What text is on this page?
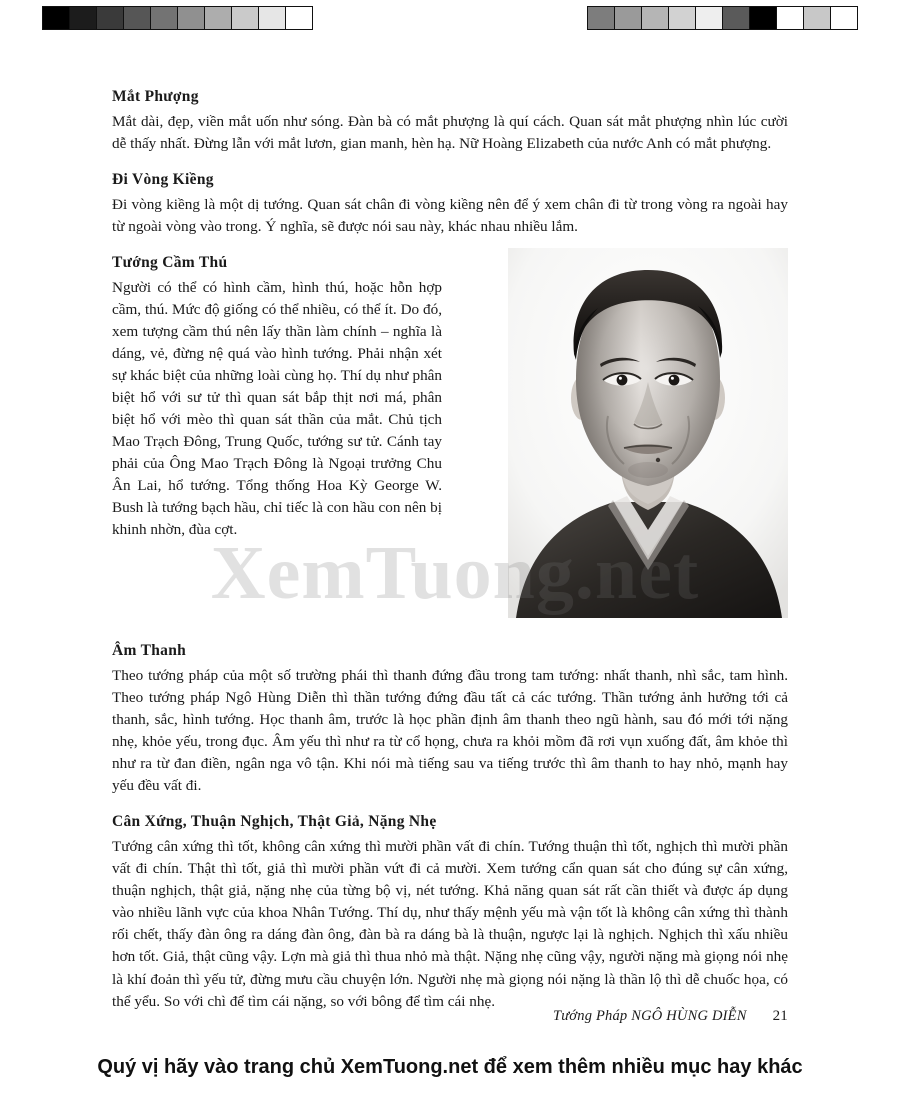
Mắt Phượng

Mắt dài, đẹp, viền mắt uốn như sóng. Đàn bà có mắt phượng là quí cách. Quan sát mắt phượng nhìn lúc cười dễ thấy nhất. Đừng lẫn với mắt lươn, gian manh, hèn hạ. Nữ Hoàng Elizabeth của nước Anh có mắt phượng.

Đi Vòng Kiềng

Đi vòng kiềng là một dị tướng. Quan sát chân đi vòng kiềng nên để ý xem chân đi từ trong vòng ra ngoài hay từ ngoài vòng vào trong. Ý nghĩa, sẽ được nói sau này, khác nhau nhiều lắm.

Tướng Cầm Thú

Người có thể có hình cầm, hình thú, hoặc hỗn hợp cầm, thú. Mức độ giống có thể nhiều, có thể ít. Do đó, xem tượng cầm thú nên lấy thần làm chính – nghĩa là dáng, vẻ, đừng nệ quá vào hình tướng. Phải nhận xét sự khác biệt của những loài cùng họ. Thí dụ như phân biệt hổ với sư tử thì quan sát bắp thịt nơi má, phân biệt hổ với mèo thì quan sát thần của mắt. Chủ tịch Mao Trạch Đông, Trung Quốc, tướng sư tử. Cánh tay phải của Ông Mao Trạch Đông là Ngoại trưởng Chu Ân Lai, hổ tướng. Tổng thống Hoa Kỳ George W. Bush là tướng bạch hầu, chỉ tiếc là con hầu con nên bị khinh nhờn, đùa cợt.

Âm Thanh

Theo tướng pháp của một số trường phái thì thanh đứng đầu trong tam tướng: nhất thanh, nhì sắc, tam hình. Theo tướng pháp Ngô Hùng Diễn thì thần tướng đứng đầu tất cả các tướng. Thần tướng ảnh hưởng tới cả thanh, sắc, hình tướng. Học thanh âm, trước là học phần định âm thanh theo ngũ hành, sau đó mới tới nặng nhẹ, khỏe yếu, trong đục. Âm yếu thì như ra từ cổ họng, chưa ra khỏi mồm đã rơi vụn xuống đất, âm khỏe thì như ra từ đan điền, ngân nga vô tận. Khi nói mà tiếng sau va tiếng trước thì âm thanh to hay nhỏ, mạnh hay yếu đều vất đi.

Cân Xứng, Thuận Nghịch, Thật Giả, Nặng Nhẹ

Tướng cân xứng thì tốt, không cân xứng thì mười phần vất đi chín. Tướng thuận thì tốt, nghịch thì mười phần vất đi chín. Thật thì tốt, giả thì mười phần vứt đi cả mười. Xem tướng cẩn quan sát cho đúng sự cân xứng, thuận nghịch, thật giả, nặng nhẹ của từng bộ vị, nét tướng. Khả năng quan sát rất cần thiết và được áp dụng vào nhiều lãnh vực của khoa Nhân Tướng. Thí dụ, như thấy mệnh yếu mà vận tốt là không cân xứng thì thành rối chết, thấy đàn ông ra dáng đàn ông, đàn bà ra dáng bà là thuận, ngược lại là nghịch. Nghịch thì xấu nhiều hơn tốt. Giả, thật cũng vậy. Lợn mà giả thì thua nhỏ mà thật. Nặng nhẹ cũng vậy, người nặng mà giọng nói nhẹ là khí đoản thì yếu tử, đừng mưu cầu chuyện lớn. Người nhẹ mà giọng nói nặng là thần lộ thì dễ chuốc họa, có thể yểu. So với chì để tìm cái nặng, so với bông để tìm cái nhẹ.

XemTuong.net
Tướng Pháp NGÔ HÙNG DIỄN 21
Quý vị hãy vào trang chủ XemTuong.net để xem thêm nhiều mục hay khác
